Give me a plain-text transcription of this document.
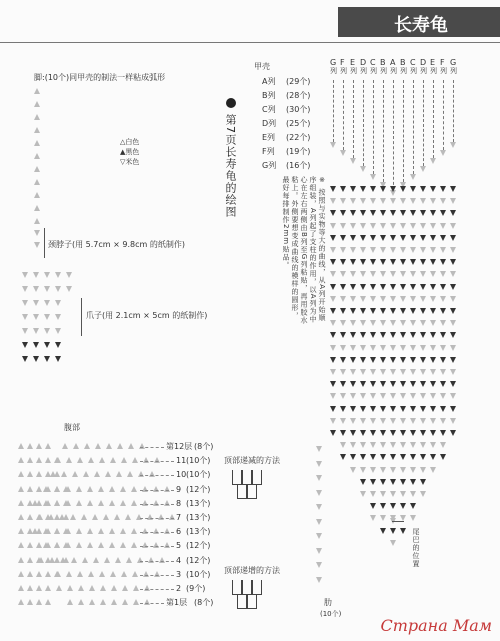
长寿龟
脚:(10个)同甲壳的制法一样粘成弧形
△白色
▲黑色
▽米色
颈脖子(用 5.7cm × 9.8cm 的纸制作)
爪子(用 2.1cm × 5cm 的纸制作)
第7页长寿龟的绘图
甲壳
A列 (29个)
B列 (28个)
C列 (30个)
D列 (25个)
E列 (22个)
F列 (19个)
G列 (16个)
G
列
F
列
E
列
D
列
C
列
B
列
A
列
B
列
C
列
D
列
E
列
F
列
G
列
※ 按照与实物等大的曲线，从A列开始顺序组装，A列起了支柱的作用，以A列为中心在左右两侧由B列至G列粘贴，再用胶水粘上。外侧要想变成曲线的模样的圆形，最好每排制作2mm贴品。
尾巴的位置
腹部
第12层 (8个)
11 (10个)
10 (10个)
9 (12个)
8 (13个)
7 (13个)
6 (13个)
5 (12个)
4 (12个)
3 (10个)
2 (9个)
第1层 (8个)
顶部递减的方法
顶部递增的方法
肋
(10个)
Страна Мам
